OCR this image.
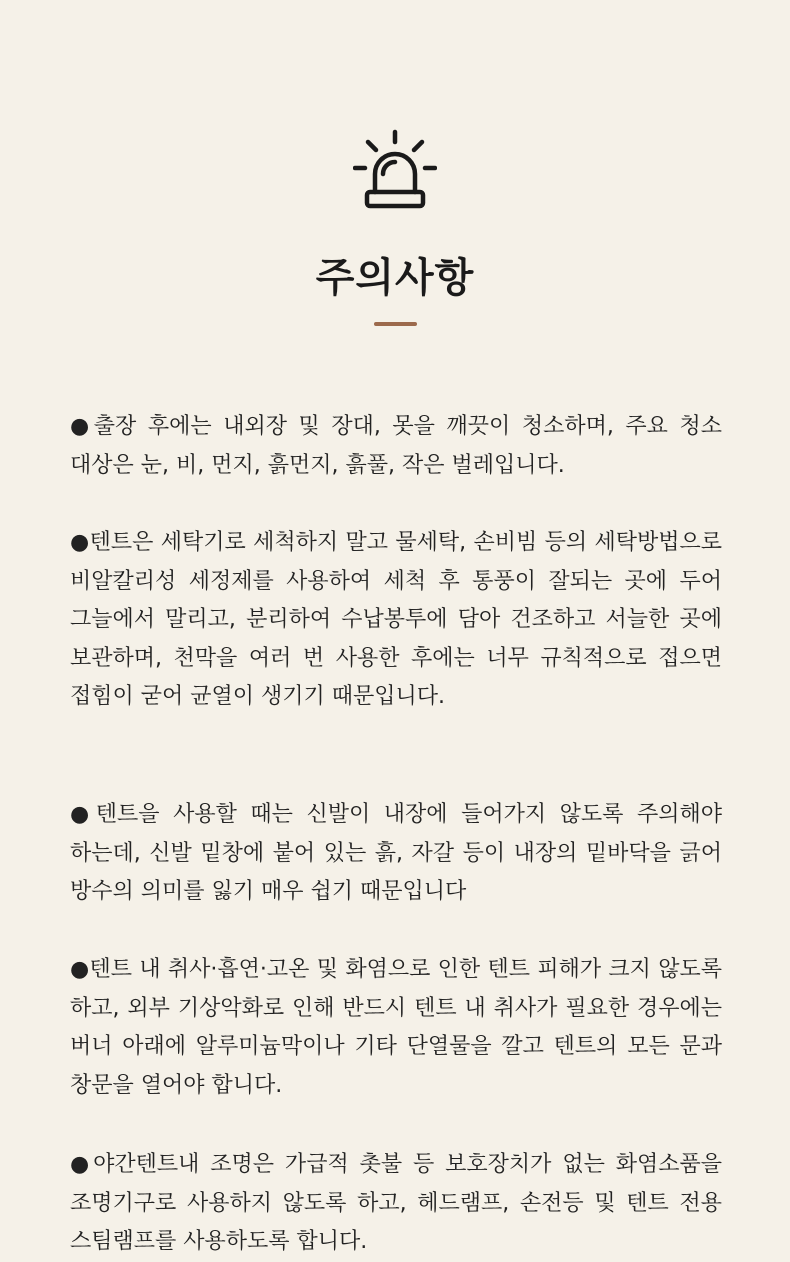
주의사항

●출장 후에는 내외장 및 장대, 못을 깨끗이 청소하며, 주요 청소 대상은 눈, 비, 먼지, 흙먼지, 흙풀, 작은 벌레입니다.

●텐트은 세탁기로 세척하지 말고 물세탁, 손비빔 등의 세탁방법으로 비알칼리성 세정제를 사용하여 세척 후 통풍이 잘되는 곳에 두어 그늘에서 말리고, 분리하여 수납봉투에 담아 건조하고 서늘한 곳에 보관하며, 천막을 여러 번 사용한 후에는 너무 규칙적으로 접으면 접힘이 굳어 균열이 생기기 때문입니다.

●텐트을 사용할 때는 신발이 내장에 들어가지 않도록 주의해야 하는데, 신발 밑창에 붙어 있는 흙, 자갈 등이 내장의 밑바닥을 긁어 방수의 의미를 잃기 매우 쉽기 때문입니다

●텐트 내 취사·흡연·고온 및 화염으로 인한 텐트 피해가 크지 않도록 하고, 외부 기상악화로 인해 반드시 텐트 내 취사가 필요한 경우에는 버너 아래에 알루미늄막이나 기타 단열물을 깔고 텐트의 모든 문과 창문을 열어야 합니다.

●야간텐트내 조명은 가급적 촛불 등 보호장치가 없는 화염소품을 조명기구로 사용하지 않도록 하고, 헤드램프, 손전등 및 텐트 전용 스팀램프를 사용하도록 합니다.
